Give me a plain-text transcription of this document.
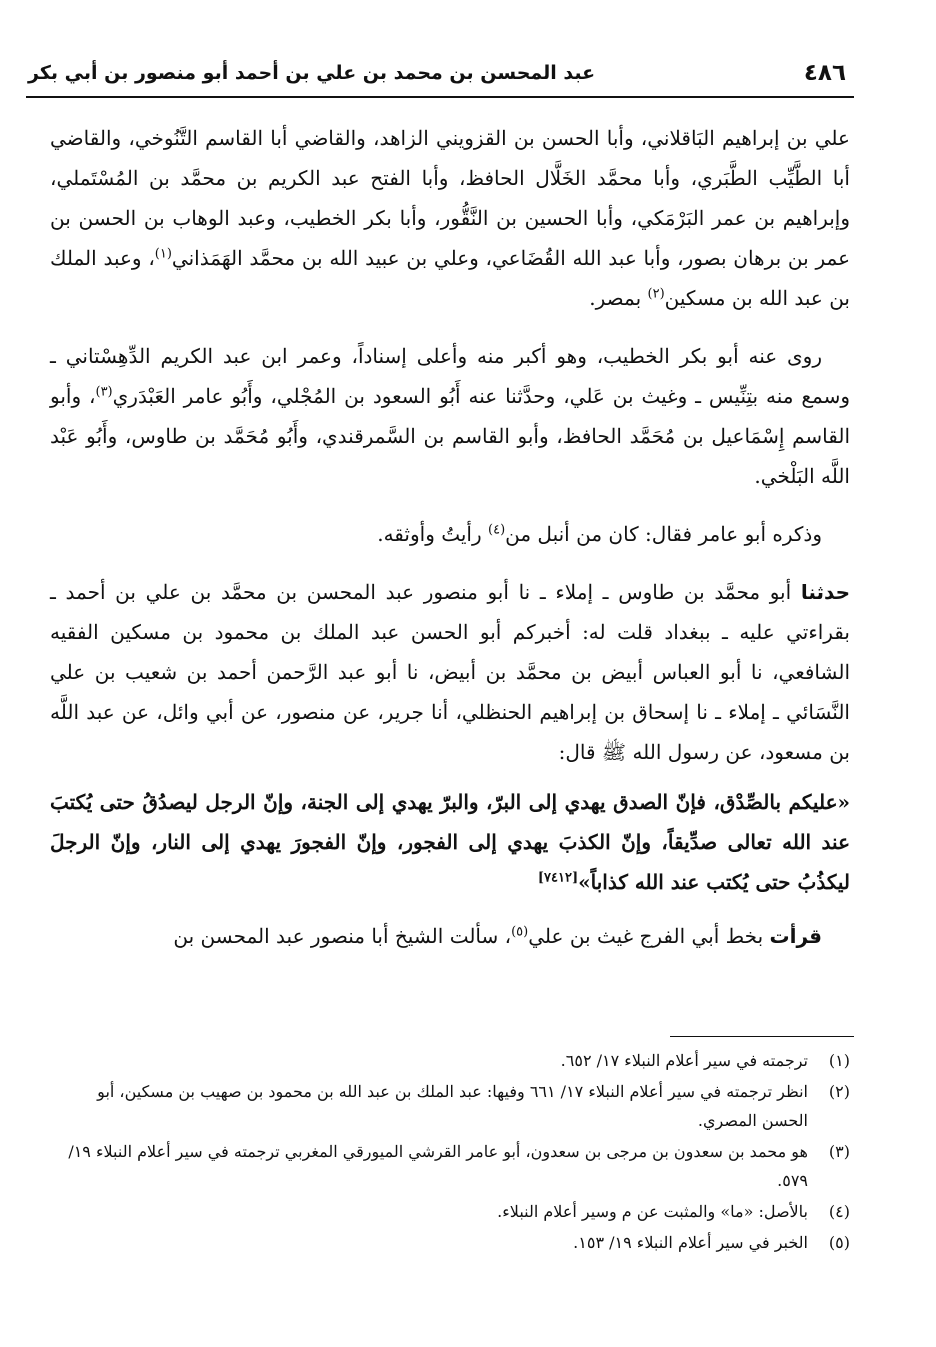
٤٨٦
عبد المحسن بن محمد بن علي بن أحمد أبو منصور بن أبي بكر

علي بن إبراهيم البَاقلاني، وأبا الحسن بن القزويني الزاهد، والقاضي أبا القاسم التَّنُوخي، والقاضي أبا الطَّيِّب الطَّبَري، وأبا محمَّد الخَلَّال الحافظ، وأبا الفتح عبد الكريم بن محمَّد بن المُسْتَملي، وإبراهيم بن عمر البَرْمَكي، وأبا الحسين بن النَّقُّور، وأبا بكر الخطيب، وعبد الوهاب بن الحسن بن عمر بن برهان بصور، وأبا عبد الله القُضَاعي، وعلي بن عبيد الله بن محمَّد الهَمَذاني$^{(١)}$، وعبد الملك بن عبد الله بن مسكين$^{(٢)}$ بمصر.

روى عنه أبو بكر الخطيب، وهو أكبر منه وأعلى إسناداً، وعمر ابن عبد الكريم الدِّهِسْتاني ـ وسمع منه بتِنِّيس ـ وغيث بن عَلي، وحدَّثنا عنه أَبُو السعود بن المُجْلي، وأَبُو عامر العَبْدَري$^{(٣)}$، وأبو القاسم إِسْمَاعيل بن مُحَمَّد الحافظ، وأبو القاسم بن السَّمرقندي، وأَبُو مُحَمَّد بن طاوس، وأَبُو عَبْد اللَّه البَلْخي.

وذكره أبو عامر فقال: كان من أنبل من$^{(٤)}$ رأيتُ وأوثقه.

حدثنا أبو محمَّد بن طاوس ـ إملاء ـ نا أبو منصور عبد المحسن بن محمَّد بن علي بن أحمد ـ بقراءتي عليه ـ ببغداد قلت له: أخبركم أبو الحسن عبد الملك بن محمود بن مسكين الفقيه الشافعي، نا أبو العباس أبيض بن محمَّد بن أبيض، نا أبو عبد الرَّحمن أحمد بن شعيب بن علي النَّسَائي ـ إملاء ـ نا إسحاق بن إبراهيم الحنظلي، أنا جرير، عن منصور، عن أبي وائل، عن عبد اللَّه بن مسعود، عن رسول الله ﷺ قال:

«عليكم بالصِّدْق، فإنّ الصدق يهدي إلى البرّ، والبرّ يهدي إلى الجنة، وإنّ الرجل ليصدُقُ حتى يُكتبَ عند الله تعالى صدِّيقاً، وإنّ الكذبَ يهدي إلى الفجور، وإنّ الفجورَ يهدي إلى النار، وإنّ الرجلَ ليكذُبُ حتى يُكتب عند الله كذاباً»[٧٤١٢]

قرأت بخط أبي الفرج غيث بن علي$^{(٥)}$، سألت الشيخ أبا منصور عبد المحسن بن

(١)
ترجمته في سير أعلام النبلاء ١٧/ ٦٥٢.
(٢)
انظر ترجمته في سير أعلام النبلاء ١٧/ ٦٦١ وفيها: عبد الملك بن عبد الله بن محمود بن صهيب بن مسكين، أبو الحسن المصري.
(٣)
هو محمد بن سعدون بن مرجى بن سعدون، أبو عامر القرشي الميورقي المغربي ترجمته في سير أعلام النبلاء ١٩/ ٥٧٩.
(٤)
بالأصل: «ما» والمثبت عن م وسير أعلام النبلاء.
(٥)
الخبر في سير أعلام النبلاء ١٩/ ١٥٣.
